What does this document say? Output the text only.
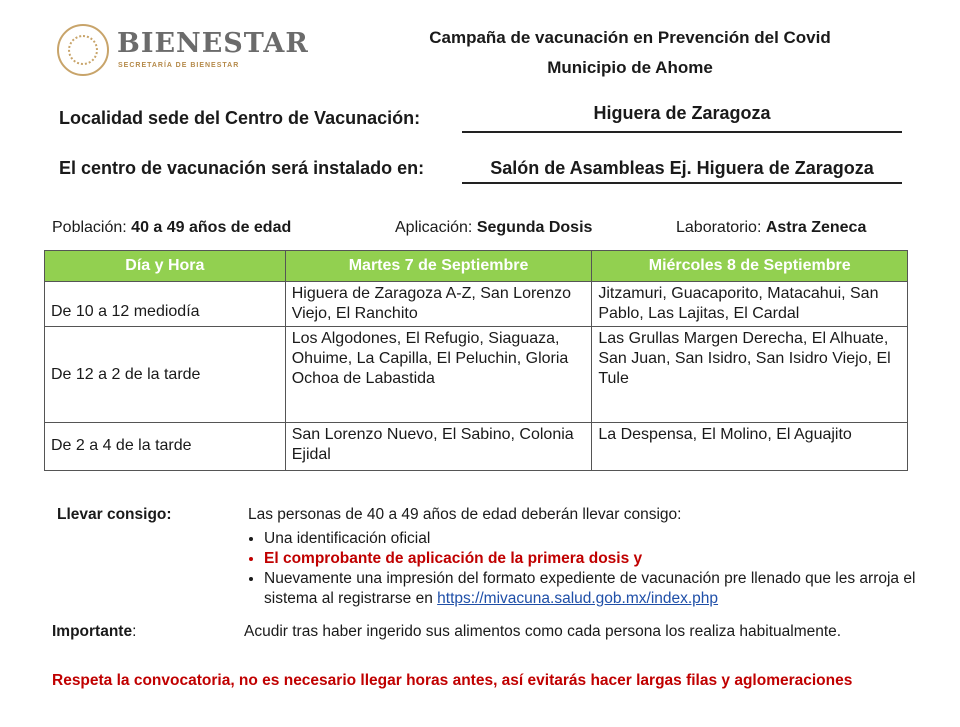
BIENESTAR
SECRETARÍA DE BIENESTAR
Campaña de vacunación en Prevención del Covid
Municipio de Ahome
Localidad sede del Centro de Vacunación:	Higuera de Zaragoza
El centro de vacunación será instalado en:	Salón de Asambleas Ej. Higuera de Zaragoza
Población: 40 a 49 años de edad	Aplicación: Segunda Dosis	Laboratorio: Astra Zeneca
Día y Hora	Martes 7 de Septiembre	Miércoles 8 de Septiembre
De 10 a 12 mediodía	Higuera de Zaragoza A-Z, San Lorenzo Viejo, El Ranchito	Jitzamuri, Guacaporito, Matacahui, San Pablo, Las Lajitas, El Cardal
De 12 a 2 de la tarde	Los Algodones, El Refugio, Siaguaza, Ohuime, La Capilla, El Peluchin, Gloria Ochoa de Labastida	Las Grullas Margen Derecha, El Alhuate, San Juan, San Isidro, San Isidro Viejo, El Tule
De 2 a 4 de la tarde	San Lorenzo Nuevo, El Sabino, Colonia Ejidal	La Despensa, El Molino, El Aguajito
Llevar consigo:	Las personas de 40 a 49 años de edad deberán llevar consigo:
• Una identificación oficial
• El comprobante de aplicación de la primera dosis y
• Nuevamente una impresión del formato expediente de vacunación pre llenado que les arroja el sistema al registrarse en https://mivacuna.salud.gob.mx/index.php
Importante:	Acudir tras haber ingerido sus alimentos como cada persona los realiza habitualmente.
Respeta la convocatoria, no es necesario llegar horas antes, así evitarás hacer largas filas y aglomeraciones
